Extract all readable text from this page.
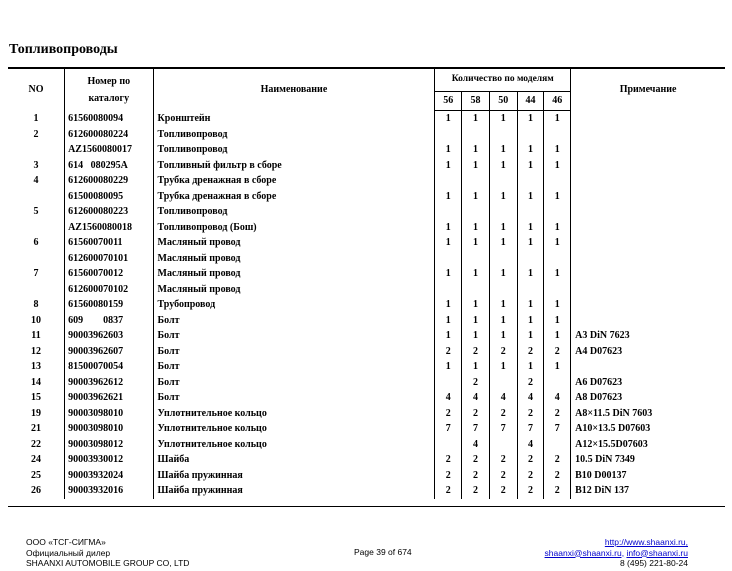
Топливопроводы
NO	Номер по каталогу	Наименование	Количество по моделям					Примечание
			56	58	50	44	46	
1	61560080094	Кронштейн	1	1	1	1	1	
2	612600080224	Топливопровод						
	AZ1560080017	Топливопровод	1	1	1	1	1	
3	614   080295A	Топливный фильтр в сборе	1	1	1	1	1	
4	612600080229	Трубка дренажная в сборе						
	61500080095	Трубка дренажная в сборе	1	1	1	1	1	
5	612600080223	Топливопровод						
	AZ1560080018	Топливопровод (Бош)	1	1	1	1	1	
6	61560070011	Масляный провод	1	1	1	1	1	
	612600070101	Масляный провод						
7	61560070012	Масляный провод	1	1	1	1	1	
	612600070102	Масляный провод						
8	61560080159	Трубопровод	1	1	1	1	1	
10	609        0837	Болт	1	1	1	1	1	
11	90003962603	Болт	1	1	1	1	1	A3 DiN 7623
12	90003962607	Болт	2	2	2	2	2	A4 D07623
13	81500070054	Болт	1	1	1	1	1	
14	90003962612	Болт		2		2		A6 D07623
15	90003962621	Болт	4	4	4	4	4	A8 D07623
19	90003098010	Уплотнительное кольцо	2	2	2	2	2	A8×11.5 DiN 7603
21	90003098010	Уплотнительное кольцо	7	7	7	7	7	A10×13.5 D07603
22	90003098012	Уплотнительное кольцо		4		4		A12×15.5D07603
24	90003930012	Шайба	2	2	2	2	2	10.5 DiN 7349
25	90003932024	Шайба пружинная	2	2	2	2	2	B10 D00137
26	90003932016	Шайба пружинная	2	2	2	2	2	B12 DiN 137
ООО «ТСГ-СИГМА»
Официальный дилер
SHAANXI AUTOMOBILE GROUP CO, LTD
Page 39 of 674
http://www.shaanxi.ru,
shaanxi@shaanxi.ru, info@shaanxi.ru
8 (495) 221-80-24
